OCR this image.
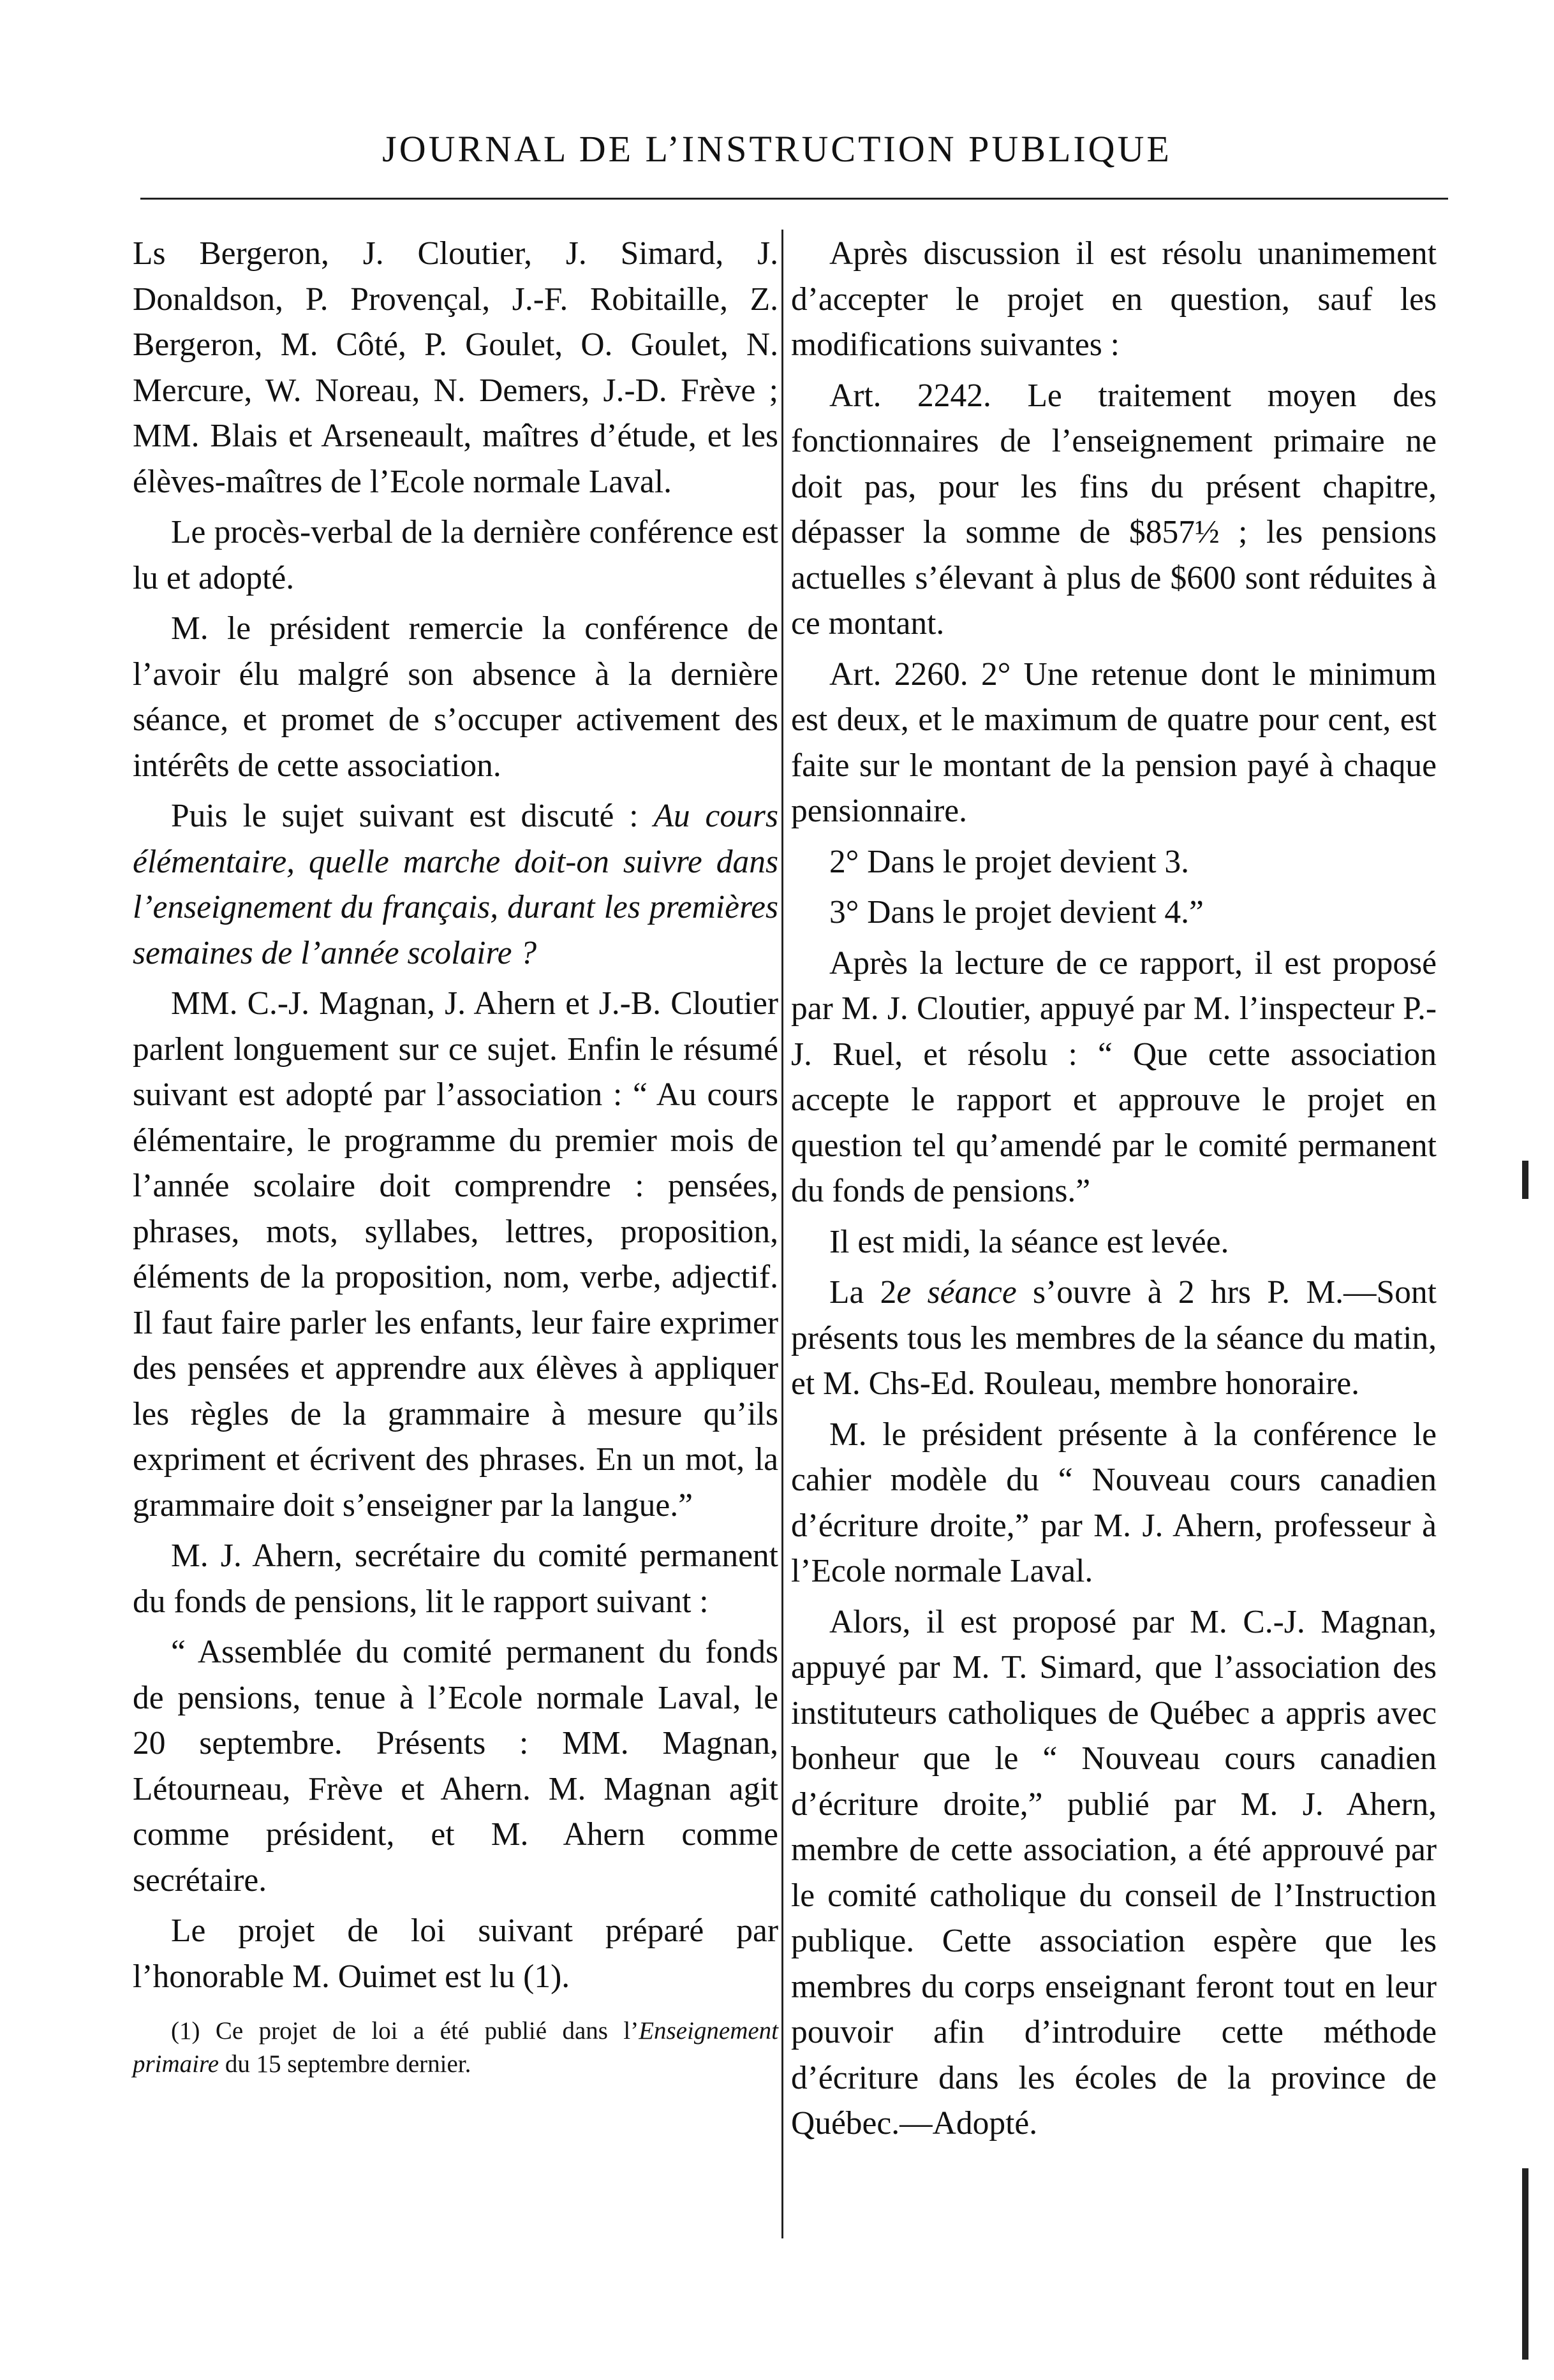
JOURNAL DE L’INSTRUCTION PUBLIQUE

Ls Bergeron, J. Cloutier, J. Simard, J. Donaldson, P. Provençal, J.-F. Robitaille, Z. Bergeron, M. Côté, P. Goulet, O. Goulet, N. Mercure, W. Noreau, N. Demers, J.-D. Frève ; MM. Blais et Arseneault, maîtres d’étude, et les élèves-maîtres de l’Ecole normale Laval.

Le procès-verbal de la dernière conférence est lu et adopté.

M. le président remercie la conférence de l’avoir élu malgré son absence à la dernière séance, et promet de s’occuper activement des intérêts de cette association.

Puis le sujet suivant est discuté : Au cours élémentaire, quelle marche doit-on suivre dans l’enseignement du français, durant les premières semaines de l’année scolaire ?

MM. C.-J. Magnan, J. Ahern et J.-B. Cloutier parlent longuement sur ce sujet. Enfin le résumé suivant est adopté par l’association : “ Au cours élémentaire, le programme du premier mois de l’année scolaire doit comprendre : pensées, phrases, mots, syllabes, lettres, proposition, éléments de la proposition, nom, verbe, adjectif. Il faut faire parler les enfants, leur faire exprimer des pensées et apprendre aux élèves à appliquer les règles de la grammaire à mesure qu’ils expriment et écrivent des phrases. En un mot, la grammaire doit s’enseigner par la langue.”

M. J. Ahern, secrétaire du comité permanent du fonds de pensions, lit le rapport suivant :

“ Assemblée du comité permanent du fonds de pensions, tenue à l’Ecole normale Laval, le 20 septembre. Présents : MM. Magnan, Létourneau, Frève et Ahern. M. Magnan agit comme président, et M. Ahern comme secrétaire.

Le projet de loi suivant préparé par l’honorable M. Ouimet est lu (1).

(1) Ce projet de loi a été publié dans l’Enseignement primaire du 15 septembre dernier.

Après discussion il est résolu unanimement d’accepter le projet en question, sauf les modifications suivantes :

Art. 2242. Le traitement moyen des fonctionnaires de l’enseignement primaire ne doit pas, pour les fins du présent chapitre, dépasser la somme de $857½ ; les pensions actuelles s’élevant à plus de $600 sont réduites à ce montant.

Art. 2260. 2° Une retenue dont le minimum est deux, et le maximum de quatre pour cent, est faite sur le montant de la pension payé à chaque pensionnaire.

2° Dans le projet devient 3.

3° Dans le projet devient 4.”

Après la lecture de ce rapport, il est proposé par M. J. Cloutier, appuyé par M. l’inspecteur P.-J. Ruel, et résolu : “ Que cette association accepte le rapport et approuve le projet en question tel qu’amendé par le comité permanent du fonds de pensions.”

Il est midi, la séance est levée.

La 2e séance s’ouvre à 2 hrs P. M.—Sont présents tous les membres de la séance du matin, et M. Chs-Ed. Rouleau, membre honoraire.

M. le président présente à la conférence le cahier modèle du “ Nouveau cours canadien d’écriture droite,” par M. J. Ahern, professeur à l’Ecole normale Laval.

Alors, il est proposé par M. C.-J. Magnan, appuyé par M. T. Simard, que l’association des instituteurs catholiques de Québec a appris avec bonheur que le “ Nouveau cours canadien d’écriture droite,” publié par M. J. Ahern, membre de cette association, a été approuvé par le comité catholique du conseil de l’Instruction publique. Cette association espère que les membres du corps enseignant feront tout en leur pouvoir afin d’introduire cette méthode d’écriture dans les écoles de la province de Québec.—Adopté.
